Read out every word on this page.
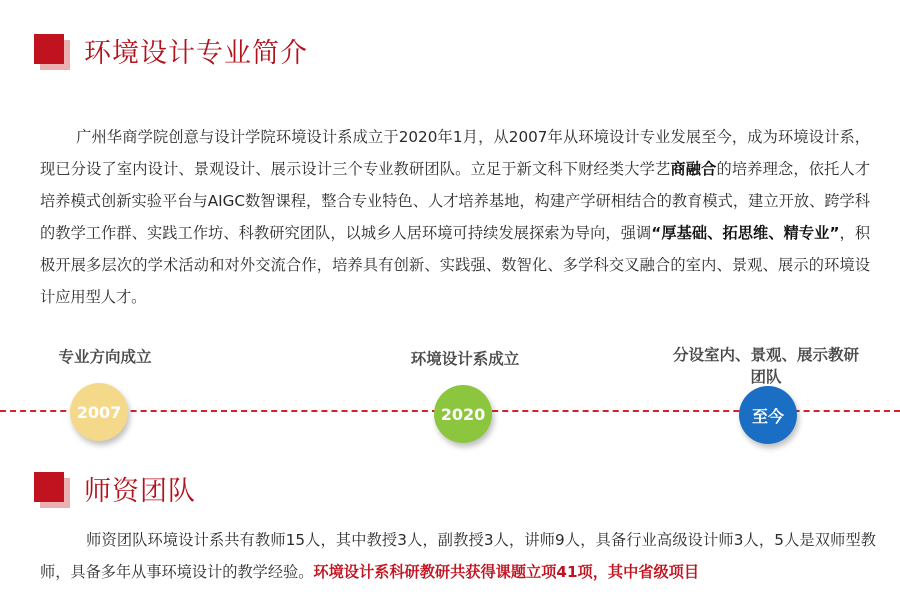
环境设计专业简介
广州华商学院创意与设计学院环境设计系成立于2020年1月，从2007年从环境设计专业发展至今，成为环境设计系，现已分设了室内设计、景观设计、展示设计三个专业教研团队。立足于新文科下财经类大学艺商融合的培养理念，依托人才培养模式创新实验平台与AIGC数智课程，整合专业特色、人才培养基地，构建产学研相结合的教育模式，建立开放、跨学科的教学工作群、实践工作坊、科教研究团队，以城乡人居环境可持续发展探索为导向，强调“厚基础、拓思维、精专业”，积极开展多层次的学术活动和对外交流合作，培养具有创新、实践强、数智化、多学科交叉融合的室内、景观、展示的环境设计应用型人才。
专业方向成立
2007
环境设计系成立
2020
分设室内、景观、展示教研团队
至今
师资团队
师资团队环境设计系共有教师15人，其中教授3人，副教授3人，讲师9人，具备行业高级设计师3人，5人是双师型教师，具备多年从事环境设计的教学经验。环境设计系科研教研共获得课题立项41项，其中省级项目
